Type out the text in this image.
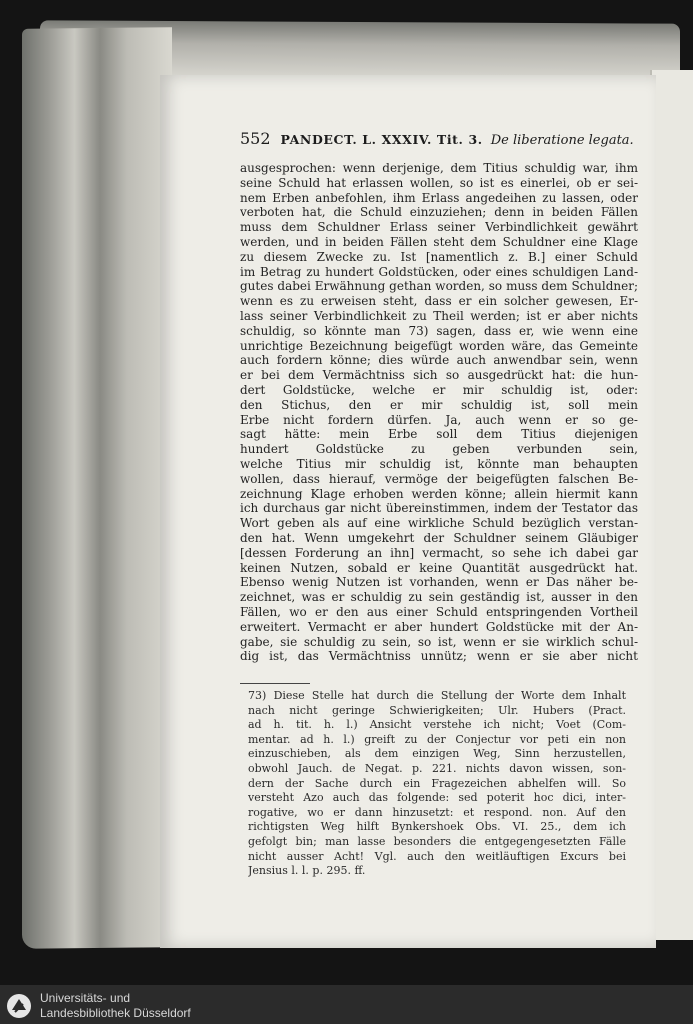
552 PANDECT. L. XXXIV. Tit. 3. De liberatione legata.
ausgesprochen: wenn derjenige, dem Titius schuldig war, ihm
seine Schuld hat erlassen wollen, so ist es einerlei, ob er sei-
nem Erben anbefohlen, ihm Erlass angedeihen zu lassen, oder
verboten hat, die Schuld einzuziehen; denn in beiden Fällen
muss dem Schuldner Erlass seiner Verbindlichkeit gewährt
werden, und in beiden Fällen steht dem Schuldner eine Klage
zu diesem Zwecke zu. Ist [namentlich z. B.] einer Schuld
im Betrag zu hundert Goldstücken, oder eines schuldigen Land-
gutes dabei Erwähnung gethan worden, so muss dem Schuldner;
wenn es zu erweisen steht, dass er ein solcher gewesen, Er-
lass seiner Verbindlichkeit zu Theil werden; ist er aber nichts
schuldig, so könnte man 73) sagen, dass er, wie wenn eine
unrichtige Bezeichnung beigefügt worden wäre, das Gemeinte
auch fordern könne; dies würde auch anwendbar sein, wenn
er bei dem Vermächtniss sich so ausgedrückt hat: die hun-
dert Goldstücke, welche er mir schuldig ist, oder:
den Stichus, den er mir schuldig ist, soll mein
Erbe nicht fordern dürfen. Ja, auch wenn er so ge-
sagt hätte: mein Erbe soll dem Titius diejenigen
hundert Goldstücke zu geben verbunden sein,
welche Titius mir schuldig ist, könnte man behaupten
wollen, dass hierauf, vermöge der beigefügten falschen Be-
zeichnung Klage erhoben werden könne; allein hiermit kann
ich durchaus gar nicht übereinstimmen, indem der Testator das
Wort geben als auf eine wirkliche Schuld bezüglich verstan-
den hat. Wenn umgekehrt der Schuldner seinem Gläubiger
[dessen Forderung an ihn] vermacht, so sehe ich dabei gar
keinen Nutzen, sobald er keine Quantität ausgedrückt hat.
Ebenso wenig Nutzen ist vorhanden, wenn er Das näher be-
zeichnet, was er schuldig zu sein geständig ist, ausser in den
Fällen, wo er den aus einer Schuld entspringenden Vortheil
erweitert. Vermacht er aber hundert Goldstücke mit der An-
gabe, sie schuldig zu sein, so ist, wenn er sie wirklich schul-
dig ist, das Vermächtniss unnütz; wenn er sie aber nicht
73) Diese Stelle hat durch die Stellung der Worte dem Inhalt
nach nicht geringe Schwierigkeiten; Ulr. Hubers (Pract.
ad h. tit. h. l.) Ansicht verstehe ich nicht; Voet (Com-
mentar. ad h. l.) greift zu der Conjectur vor peti ein non
einzuschieben, als dem einzigen Weg, Sinn herzustellen,
obwohl Jauch. de Negat. p. 221. nichts davon wissen, son-
dern der Sache durch ein Fragezeichen abhelfen will. So
versteht Azo auch das folgende: sed poterit hoc dici, inter-
rogative, wo er dann hinzusetzt: et respond. non. Auf den
richtigsten Weg hilft Bynkershoek Obs. VI. 25., dem ich
gefolgt bin; man lasse besonders die entgegengesetzten Fälle
nicht ausser Acht! Vgl. auch den weitläuftigen Excurs bei
Jensius l. l. p. 295. ff.
Universitäts- und
Landesbibliothek Düsseldorf
